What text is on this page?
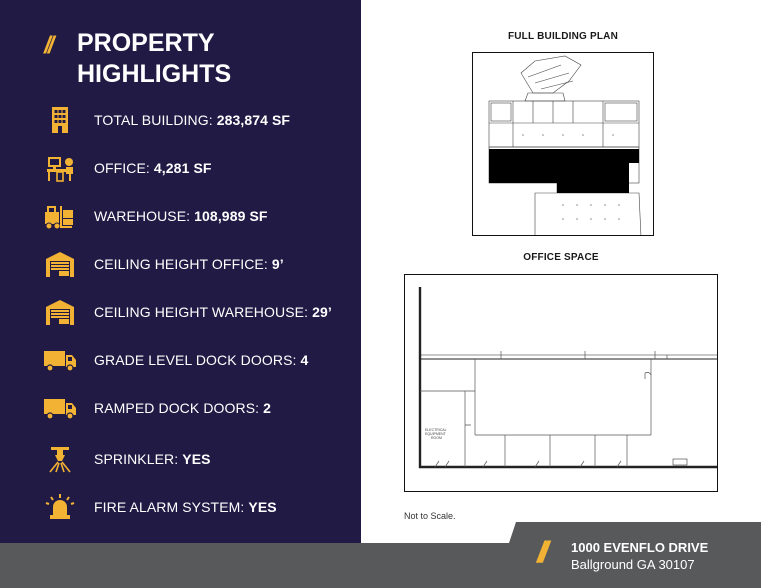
// PROPERTY
HIGHLIGHTS
TOTAL BUILDING: 283,874 SF
OFFICE: 4,281 SF
WAREHOUSE: 108,989 SF
CEILING HEIGHT OFFICE: 9’
CEILING HEIGHT WAREHOUSE: 29’
GRADE LEVEL DOCK DOORS: 4
RAMPED DOCK DOORS: 2
SPRINKLER: YES
FIRE ALARM SYSTEM: YES
FULL BUILDING PLAN
OFFICE SPACE
ELECTRICAL
EQUIPMENT
ROOM
Not to Scale.
// 1000 EVENFLO DRIVE
Ballground GA 30107
